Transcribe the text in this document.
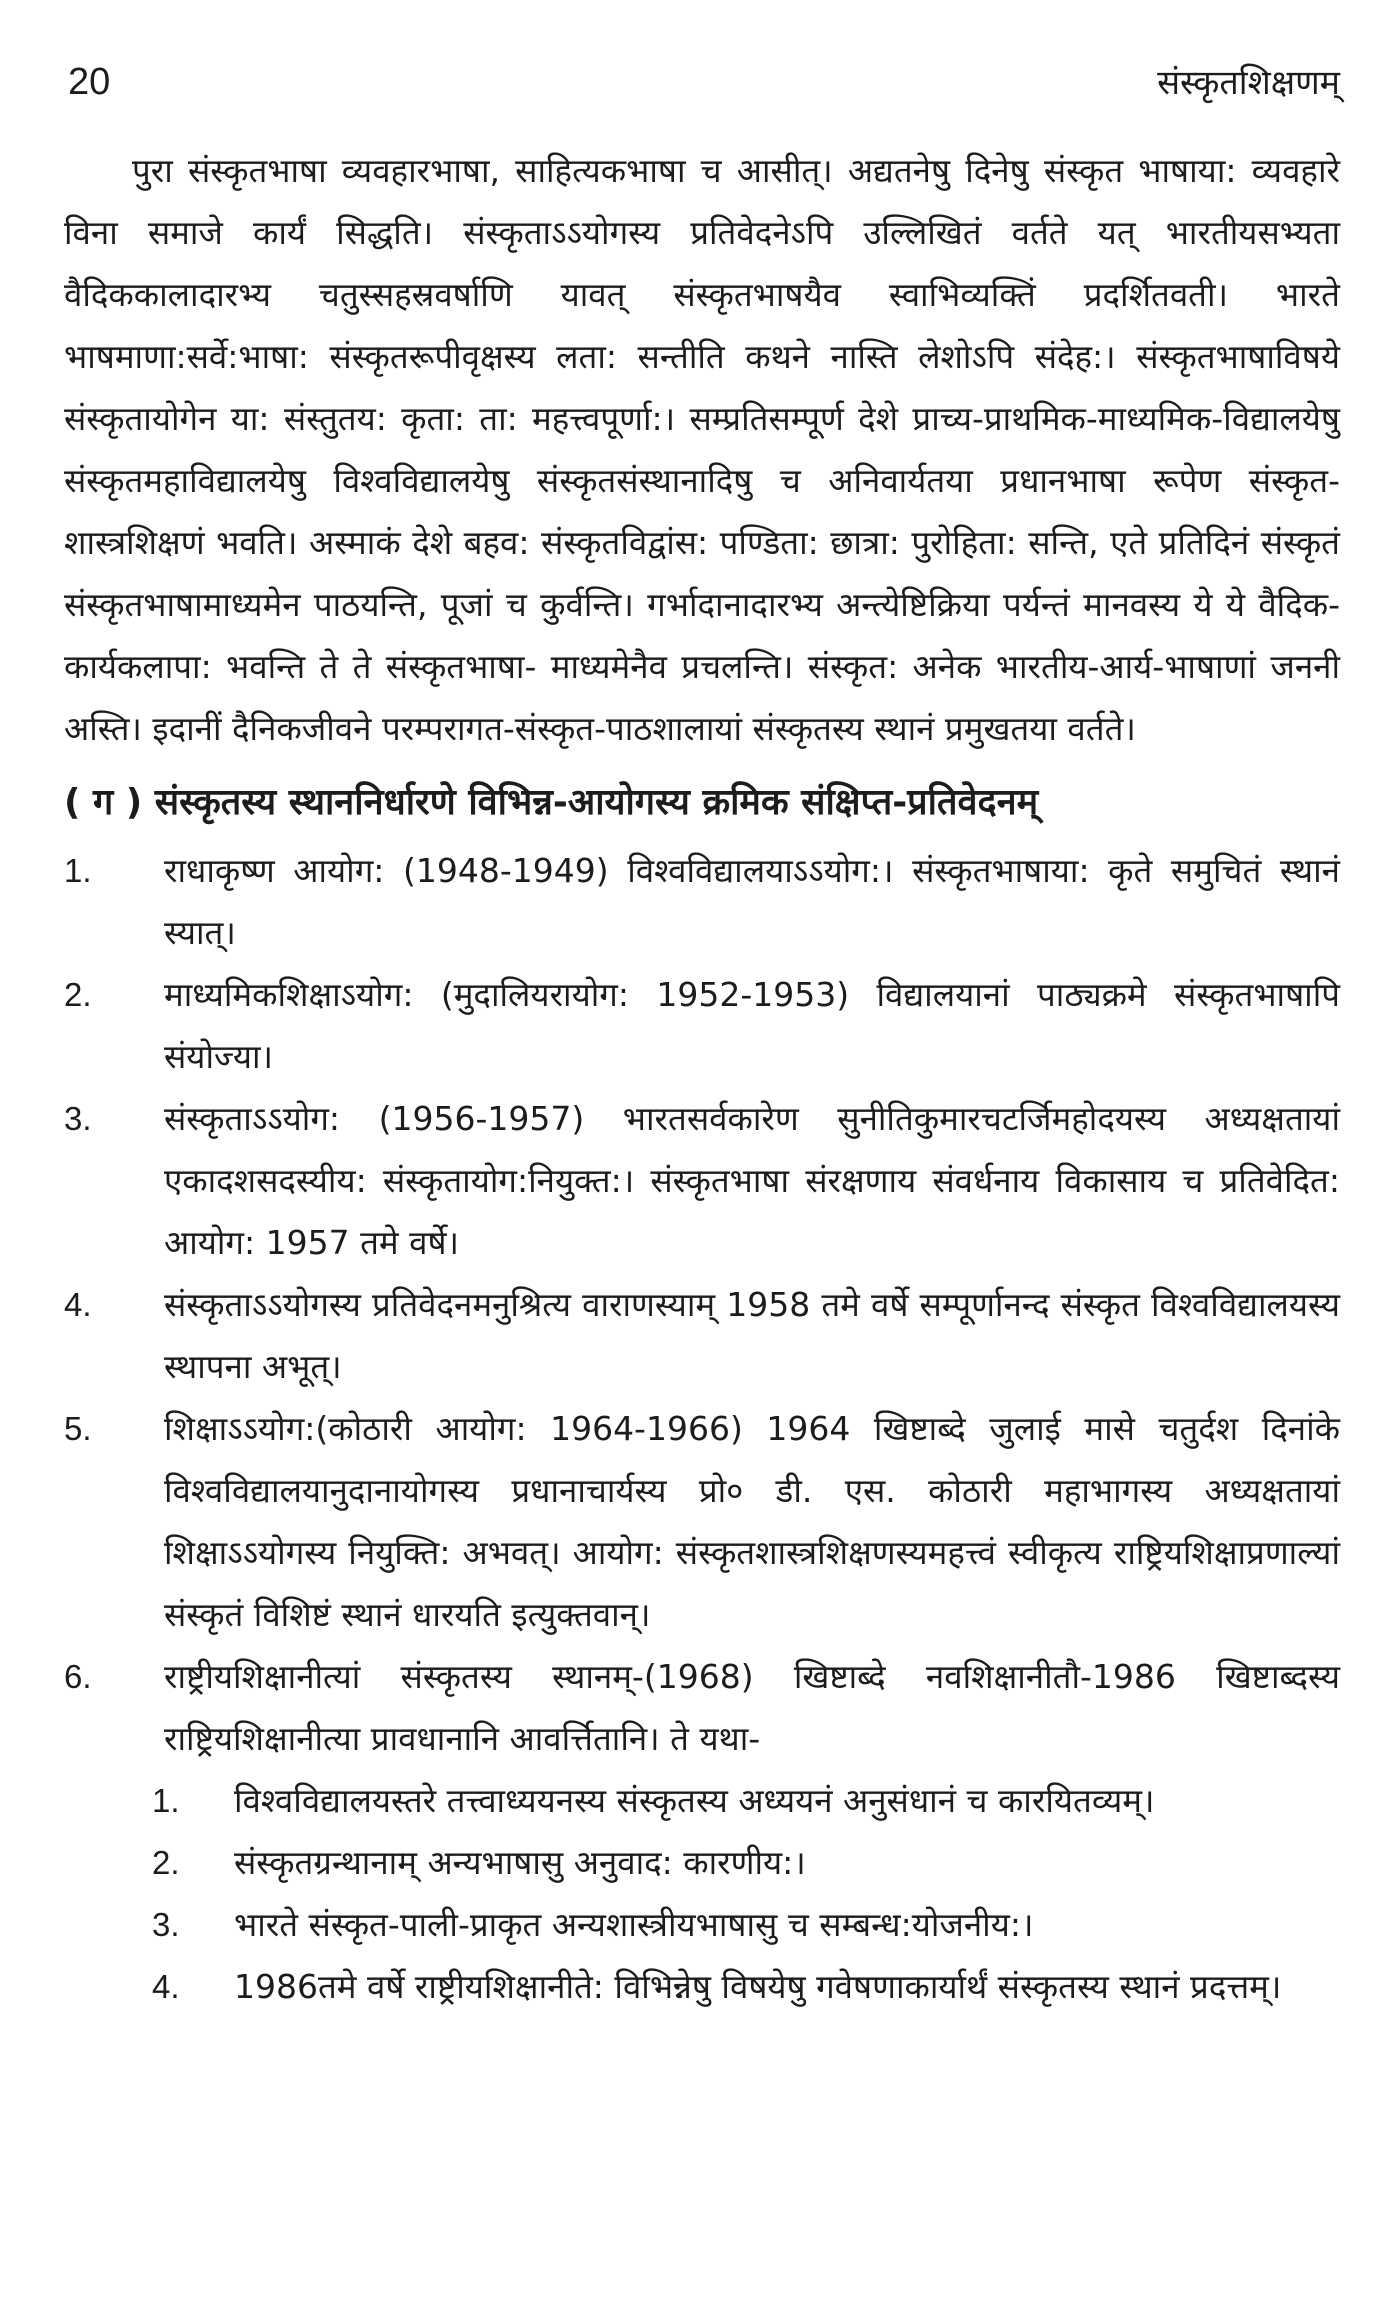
20	संस्कृतशिक्षणम्

पुरा संस्कृतभाषा व्यवहारभाषा, साहित्यकभाषा च आसीत्। अद्यतनेषु दिनेषु संस्कृत भाषाया: व्यवहारे विना समाजे कार्यं सिद्धति। संस्कृताऽऽयोगस्य प्रतिवेदनेऽपि उल्लिखितं वर्तते यत् भारतीयसभ्यता वैदिककालादारभ्य चतुस्सहस्रवर्षाणि यावत् संस्कृतभाषयैव स्वाभिव्यक्तिं प्रदर्शितवती। भारते भाषमाणा:सर्वे:भाषा: संस्कृतरूपीवृक्षस्य लता: सन्तीति कथने नास्ति लेशोऽपि संदेह:। संस्कृतभाषाविषये संस्कृतायोगेन या: संस्तुतय: कृता: ता: महत्त्वपूर्णा:। सम्प्रतिसम्पूर्ण देशे प्राच्य-प्राथमिक-माध्यमिक-विद्यालयेषु संस्कृतमहाविद्यालयेषु विश्वविद्यालयेषु संस्कृतसंस्थानादिषु च अनिवार्यतया प्रधानभाषा रूपेण संस्कृत-शास्त्रशिक्षणं भवति। अस्माकं देशे बहव: संस्कृतविद्वांस: पण्डिता: छात्रा: पुरोहिता: सन्ति, एते प्रतिदिनं संस्कृतं संस्कृतभाषामाध्यमेन पाठयन्ति, पूजां च कुर्वन्ति। गर्भादानादारभ्य अन्त्येष्टिक्रिया पर्यन्तं मानवस्य ये ये वैदिक-कार्यकलापा: भवन्ति ते ते संस्कृतभाषा- माध्यमेनैव प्रचलन्ति। संस्कृत: अनेक भारतीय-आर्य-भाषाणां जननी अस्ति। इदानीं दैनिकजीवने परम्परागत-संस्कृत-पाठशालायां संस्कृतस्य स्थानं प्रमुखतया वर्तते।

( ग ) संस्कृतस्य स्थाननिर्धारणे विभिन्न-आयोगस्य क्रमिक संक्षिप्त-प्रतिवेदनम्
1.	राधाकृष्ण आयोग: (1948-1949) विश्वविद्यालयाऽऽयोग:। संस्कृतभाषाया: कृते समुचितं स्थानं स्यात्।
2.	माध्यमिकशिक्षाऽयोग: (मुदालियरायोग: 1952-1953) विद्यालयानां पाठ्यक्रमे संस्कृतभाषापि संयोज्या।
3.	संस्कृताऽऽयोग: (1956-1957) भारतसर्वकारेण सुनीतिकुमारचटर्जिमहोदयस्य अध्यक्षतायां एकादशसदस्यीय: संस्कृतायोग:नियुक्त:। संस्कृतभाषा संरक्षणाय संवर्धनाय विकासाय च प्रतिवेदित: आयोग: 1957 तमे वर्षे।
4.	संस्कृताऽऽयोगस्य प्रतिवेदनमनुश्रित्य वाराणस्याम् 1958 तमे वर्षे सम्पूर्णानन्द संस्कृत विश्वविद्यालयस्य स्थापना अभूत्।
5.	शिक्षाऽऽयोग:(कोठारी आयोग: 1964-1966) 1964 खिष्टाब्दे जुलाई मासे चतुर्दश दिनांके विश्वविद्यालयानुदानायोगस्य प्रधानाचार्यस्य प्रो० डी. एस. कोठारी महाभागस्य अध्यक्षतायां शिक्षाऽऽयोगस्य नियुक्ति: अभवत्। आयोग: संस्कृतशास्त्रशिक्षणस्यमहत्त्वं स्वीकृत्य राष्ट्रियशिक्षाप्रणाल्यां संस्कृतं विशिष्टं स्थानं धारयति इत्युक्तवान्।
6.	राष्ट्रीयशिक्षानीत्यां संस्कृतस्य स्थानम्-(1968) खिष्टाब्दे नवशिक्षानीतौ-1986 खिष्टाब्दस्य राष्ट्रियशिक्षानीत्या प्रावधानानि आवर्त्तितानि। ते यथा-
1.	विश्वविद्यालयस्तरे तत्त्वाध्ययनस्य संस्कृतस्य अध्ययनं अनुसंधानं च कारयितव्यम्।
2.	संस्कृतग्रन्थानाम् अन्यभाषासु अनुवाद: कारणीय:।
3.	भारते संस्कृत-पाली-प्राकृत अन्यशास्त्रीयभाषासु च सम्बन्ध:योजनीय:।
4.	1986तमे वर्षे राष्ट्रीयशिक्षानीते: विभिन्नेषु विषयेषु गवेषणाकार्यार्थं संस्कृतस्य स्थानं प्रदत्तम्।
